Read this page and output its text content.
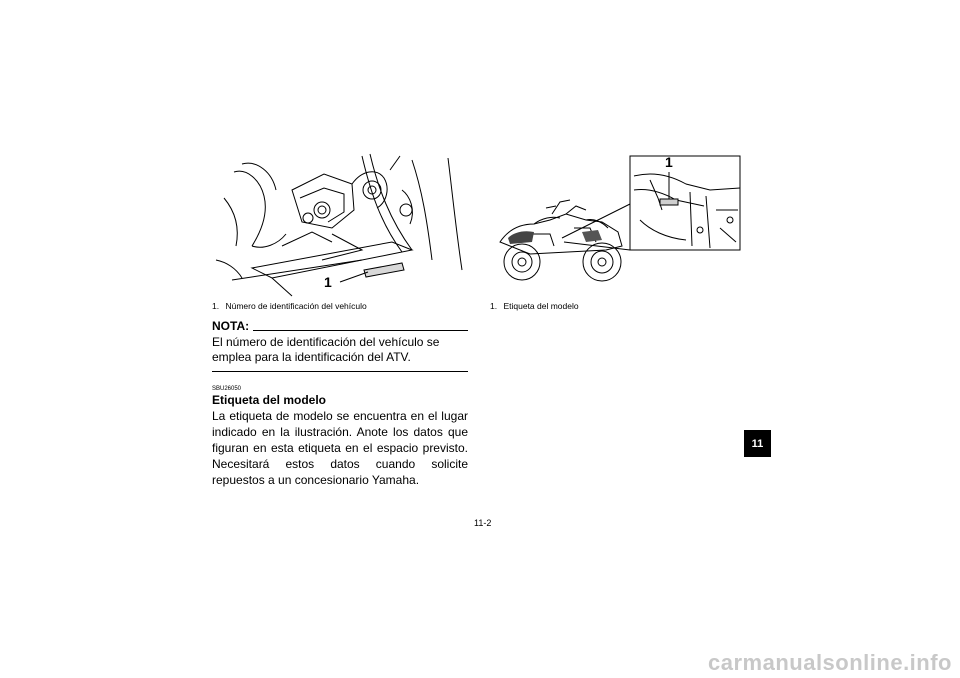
1
1. Número de identificación del vehículo
1
1. Etiqueta del modelo
NOTA:
El número de identificación del vehículo se emplea para la identificación del ATV.
SBU26050
Etiqueta del modelo
La etiqueta de modelo se encuentra en el lugar indicado en la ilustración. Anote los datos que figuran en esta etiqueta en el espacio previsto. Necesitará estos datos cuando solicite repuestos a un concesionario Yamaha.
11
11-2
carmanualsonline.info
